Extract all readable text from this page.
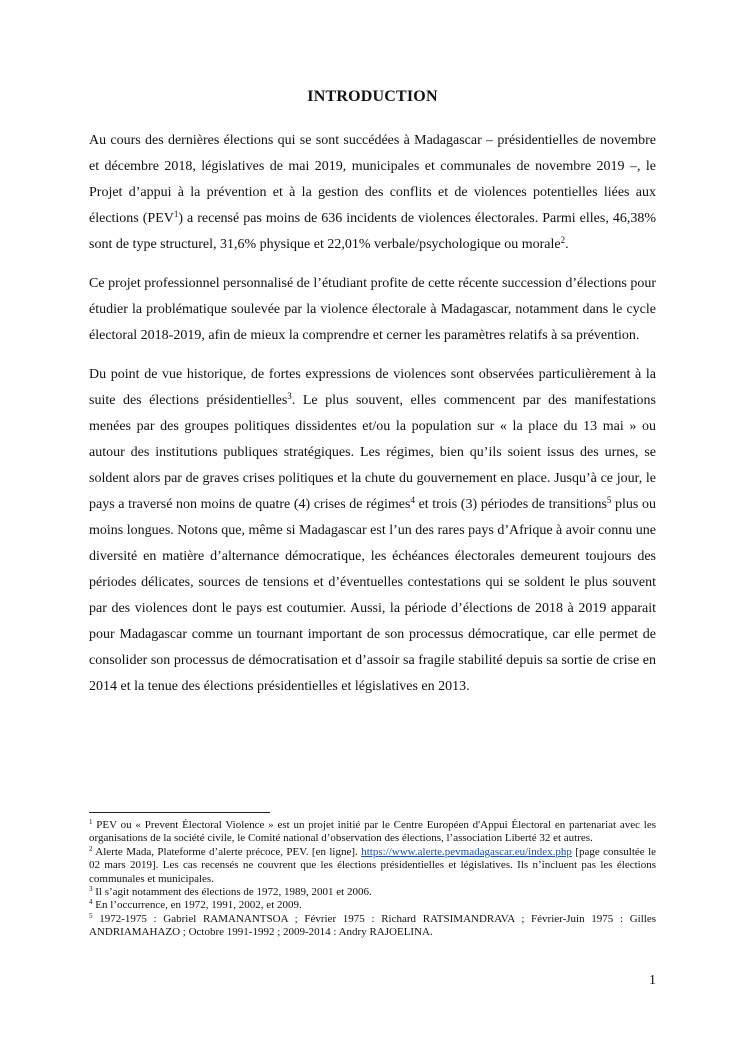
INTRODUCTION

Au cours des dernières élections qui se sont succédées à Madagascar – présidentielles de novembre et décembre 2018, législatives de mai 2019, municipales et communales de novembre 2019 –, le Projet d’appui à la prévention et à la gestion des conflits et de violences potentielles liées aux élections (PEV$^1$) a recensé pas moins de 636 incidents de violences électorales. Parmi elles, 46,38% sont de type structurel, 31,6% physique et 22,01% verbale/psychologique ou morale$^2$.

Ce projet professionnel personnalisé de l’étudiant profite de cette récente succession d’élections pour étudier la problématique soulevée par la violence électorale à Madagascar, notamment dans le cycle électoral 2018-2019, afin de mieux la comprendre et cerner les paramètres relatifs à sa prévention.

Du point de vue historique, de fortes expressions de violences sont observées particulièrement à la suite des élections présidentielles$^3$. Le plus souvent, elles commencent par des manifestations menées par des groupes politiques dissidentes et/ou la population sur « la place du 13 mai » ou autour des institutions publiques stratégiques. Les régimes, bien qu’ils soient issus des urnes, se soldent alors par de graves crises politiques et la chute du gouvernement en place. Jusqu’à ce jour, le pays a traversé non moins de quatre (4) crises de régimes$^4$ et trois (3) périodes de transitions$^5$ plus ou moins longues. Notons que, même si Madagascar est l’un des rares pays d’Afrique à avoir connu une diversité en matière d’alternance démocratique, les échéances électorales demeurent toujours des périodes délicates, sources de tensions et d’éventuelles contestations qui se soldent le plus souvent par des violences dont le pays est coutumier. Aussi, la période d’élections de 2018 à 2019 apparait pour Madagascar comme un tournant important de son processus démocratique, car elle permet de consolider son processus de démocratisation et d’assoir sa fragile stabilité depuis sa sortie de crise en 2014 et la tenue des élections présidentielles et législatives en 2013.

$^1$ PEV ou « Prevent Électoral Violence » est un projet initié par le Centre Européen d'Appui Électoral en partenariat avec les organisations de la société civile, le Comité national d’observation des élections, l’association Liberté 32 et autres.

$^2$ Alerte Mada, Plateforme d’alerte précoce, PEV. [en ligne]. https://www.alerte.pevmadagascar.eu/index.php [page consultée le 02 mars 2019]. Les cas recensés ne couvrent que les élections présidentielles et législatives. Ils n’incluent pas les élections communales et municipales.

$^3$ Il s’agit notamment des élections de 1972, 1989, 2001 et 2006.

$^4$ En l’occurrence, en 1972, 1991, 2002, et 2009.

$^5$ 1972-1975 : Gabriel RAMANANTSOA ; Février 1975 : Richard RATSIMANDRAVA ; Février-Juin 1975 : Gilles ANDRIAMAHAZO ; Octobre 1991-1992 ; 2009-2014 : Andry RAJOELINA.

1
